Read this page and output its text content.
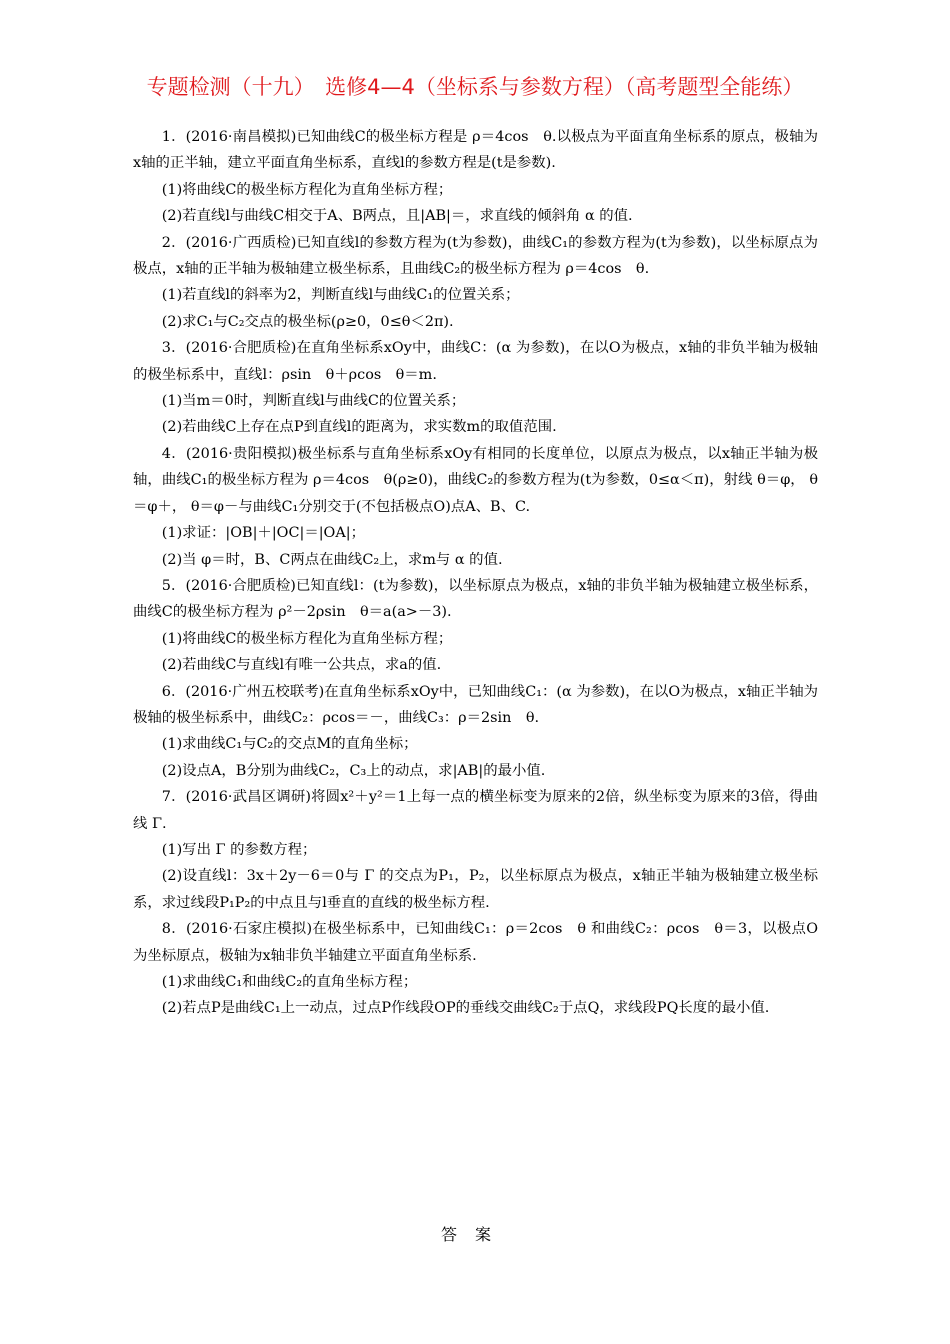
专题检测（十九）　选修4—4（坐标系与参数方程）（高考题型全能练）

1．(2016·南昌模拟)已知曲线C的极坐标方程是 ρ＝4cos　θ.以极点为平面直角坐标系的原点，极轴为x轴的正半轴，建立平面直角坐标系，直线l的参数方程是(t是参数).

(1)将曲线C的极坐标方程化为直角坐标方程；

(2)若直线l与曲线C相交于A、B两点，且|AB|＝，求直线的倾斜角 α 的值.

2．(2016·广西质检)已知直线l的参数方程为(t为参数)，曲线C₁的参数方程为(t为参数)，以坐标原点为极点，x轴的正半轴为极轴建立极坐标系，且曲线C₂的极坐标方程为 ρ＝4cos　θ.

(1)若直线l的斜率为2，判断直线l与曲线C₁的位置关系；

(2)求C₁与C₂交点的极坐标(ρ≥0，0≤θ＜2π).

3．(2016·合肥质检)在直角坐标系xOy中，曲线C：(α 为参数)，在以O为极点，x轴的非负半轴为极轴的极坐标系中，直线l：ρsin　θ＋ρcos　θ＝m.

(1)当m＝0时，判断直线l与曲线C的位置关系；

(2)若曲线C上存在点P到直线l的距离为，求实数m的取值范围.

4．(2016·贵阳模拟)极坐标系与直角坐标系xOy有相同的长度单位，以原点为极点，以x轴正半轴为极轴，曲线C₁的极坐标方程为 ρ＝4cos　θ(ρ≥0)，曲线C₂的参数方程为(t为参数，0≤α＜π)，射线 θ＝φ， θ＝φ＋， θ＝φ－与曲线C₁分别交于(不包括极点O)点A、B、C.

(1)求证：|OB|＋|OC|＝|OA|；

(2)当 φ＝时，B、C两点在曲线C₂上，求m与 α 的值.

5．(2016·合肥质检)已知直线l：(t为参数)，以坐标原点为极点，x轴的非负半轴为极轴建立极坐标系，曲线C的极坐标方程为 ρ²－2ρsin　θ＝a(a>－3).

(1)将曲线C的极坐标方程化为直角坐标方程；

(2)若曲线C与直线l有唯一公共点，求a的值.

6．(2016·广州五校联考)在直角坐标系xOy中，已知曲线C₁：(α 为参数)，在以O为极点，x轴正半轴为极轴的极坐标系中，曲线C₂：ρcos＝－，曲线C₃：ρ＝2sin　θ.

(1)求曲线C₁与C₂的交点M的直角坐标；

(2)设点A，B分别为曲线C₂，C₃上的动点，求|AB|的最小值.

7．(2016·武昌区调研)将圆x²＋y²＝1上每一点的横坐标变为原来的2倍，纵坐标变为原来的3倍，得曲线 Γ.

(1)写出 Γ 的参数方程；

(2)设直线l：3x＋2y－6＝0与 Γ 的交点为P₁，P₂，以坐标原点为极点，x轴正半轴为极轴建立极坐标系，求过线段P₁P₂的中点且与l垂直的直线的极坐标方程.

8．(2016·石家庄模拟)在极坐标系中，已知曲线C₁：ρ＝2cos　θ 和曲线C₂：ρcos　θ＝3，以极点O为坐标原点，极轴为x轴非负半轴建立平面直角坐标系.

(1)求曲线C₁和曲线C₂的直角坐标方程；

(2)若点P是曲线C₁上一动点，过点P作线段OP的垂线交曲线C₂于点Q，求线段PQ长度的最小值.

答案
